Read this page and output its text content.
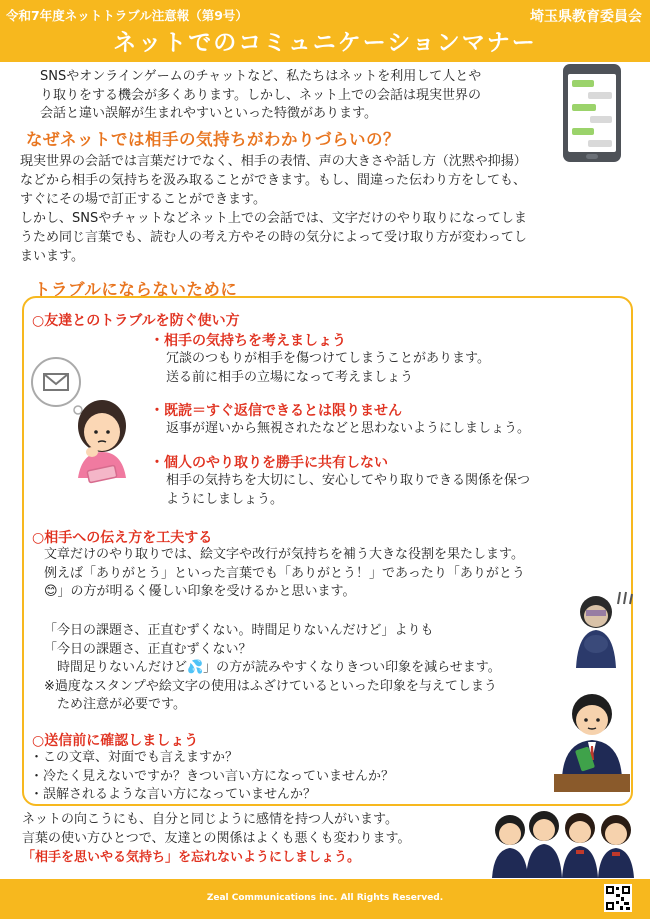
令和7年度ネットトラブル注意報（第9号）	埼玉県教育委員会
ネットでのコミュニケーションマナー
SNSやオンラインゲームのチャットなど、私たちはネットを利用して人とや
り取りをする機会が多くあります。しかし、ネット上での会話は現実世界の
会話と違い誤解が生まれやすいといった特徴があります。
なぜネットでは相手の気持ちがわかりづらいの？
現実世界の会話では言葉だけでなく、相手の表情、声の大きさや話し方（沈黙や抑揚）
などから相手の気持ちを汲み取ることができます。もし、間違った伝わり方をしても、
すぐにその場で訂正することができます。
しかし、SNSやチャットなどネット上での会話では、文字だけのやり取りになってしま
うため同じ言葉でも、読む人の考え方やその時の気分によって受け取り方が変わってし
まいます。
トラブルにならないために
○友達とのトラブルを防ぐ使い方
・相手の気持ちを考えましょう
冗談のつもりが相手を傷つけてしまうことがあります。
送る前に相手の立場になって考えましょう
・既読＝すぐ返信できるとは限りません
返事が遅いから無視されたなどと思わないようにしましょう。
・個人のやり取りを勝手に共有しない
相手の気持ちを大切にし、安心してやり取りできる関係を保つ
ようにしましょう。
○相手への伝え方を工夫する
文章だけのやり取りでは、絵文字や改行が気持ちを補う大きな役割を果たします。
例えば「ありがとう」といった言葉でも「ありがとう！」であったり「ありがとう
😊」の方が明るく優しい印象を受けるかと思います。
「今日の課題さ、正直むずくない。時間足りないんだけど」よりも
「今日の課題さ、正直むずくない？
　時間足りないんだけど💦」の方が読みやすくなりきつい印象を減らせます。
※過度なスタンプや絵文字の使用はふざけているといった印象を与えてしまう
　ため注意が必要です。
○送信前に確認しましょう
・この文章、対面でも言えますか？
・冷たく見えないですか？きつい言い方になっていませんか？
・誤解されるような言い方になっていませんか？
ネットの向こうにも、自分と同じように感情を持つ人がいます。
言葉の使い方ひとつで、友達との関係はよくも悪くも変わります。
「相手を思いやる気持ち」を忘れないようにしましょう。
Zeal Communications inc. All Rights Reserved.
